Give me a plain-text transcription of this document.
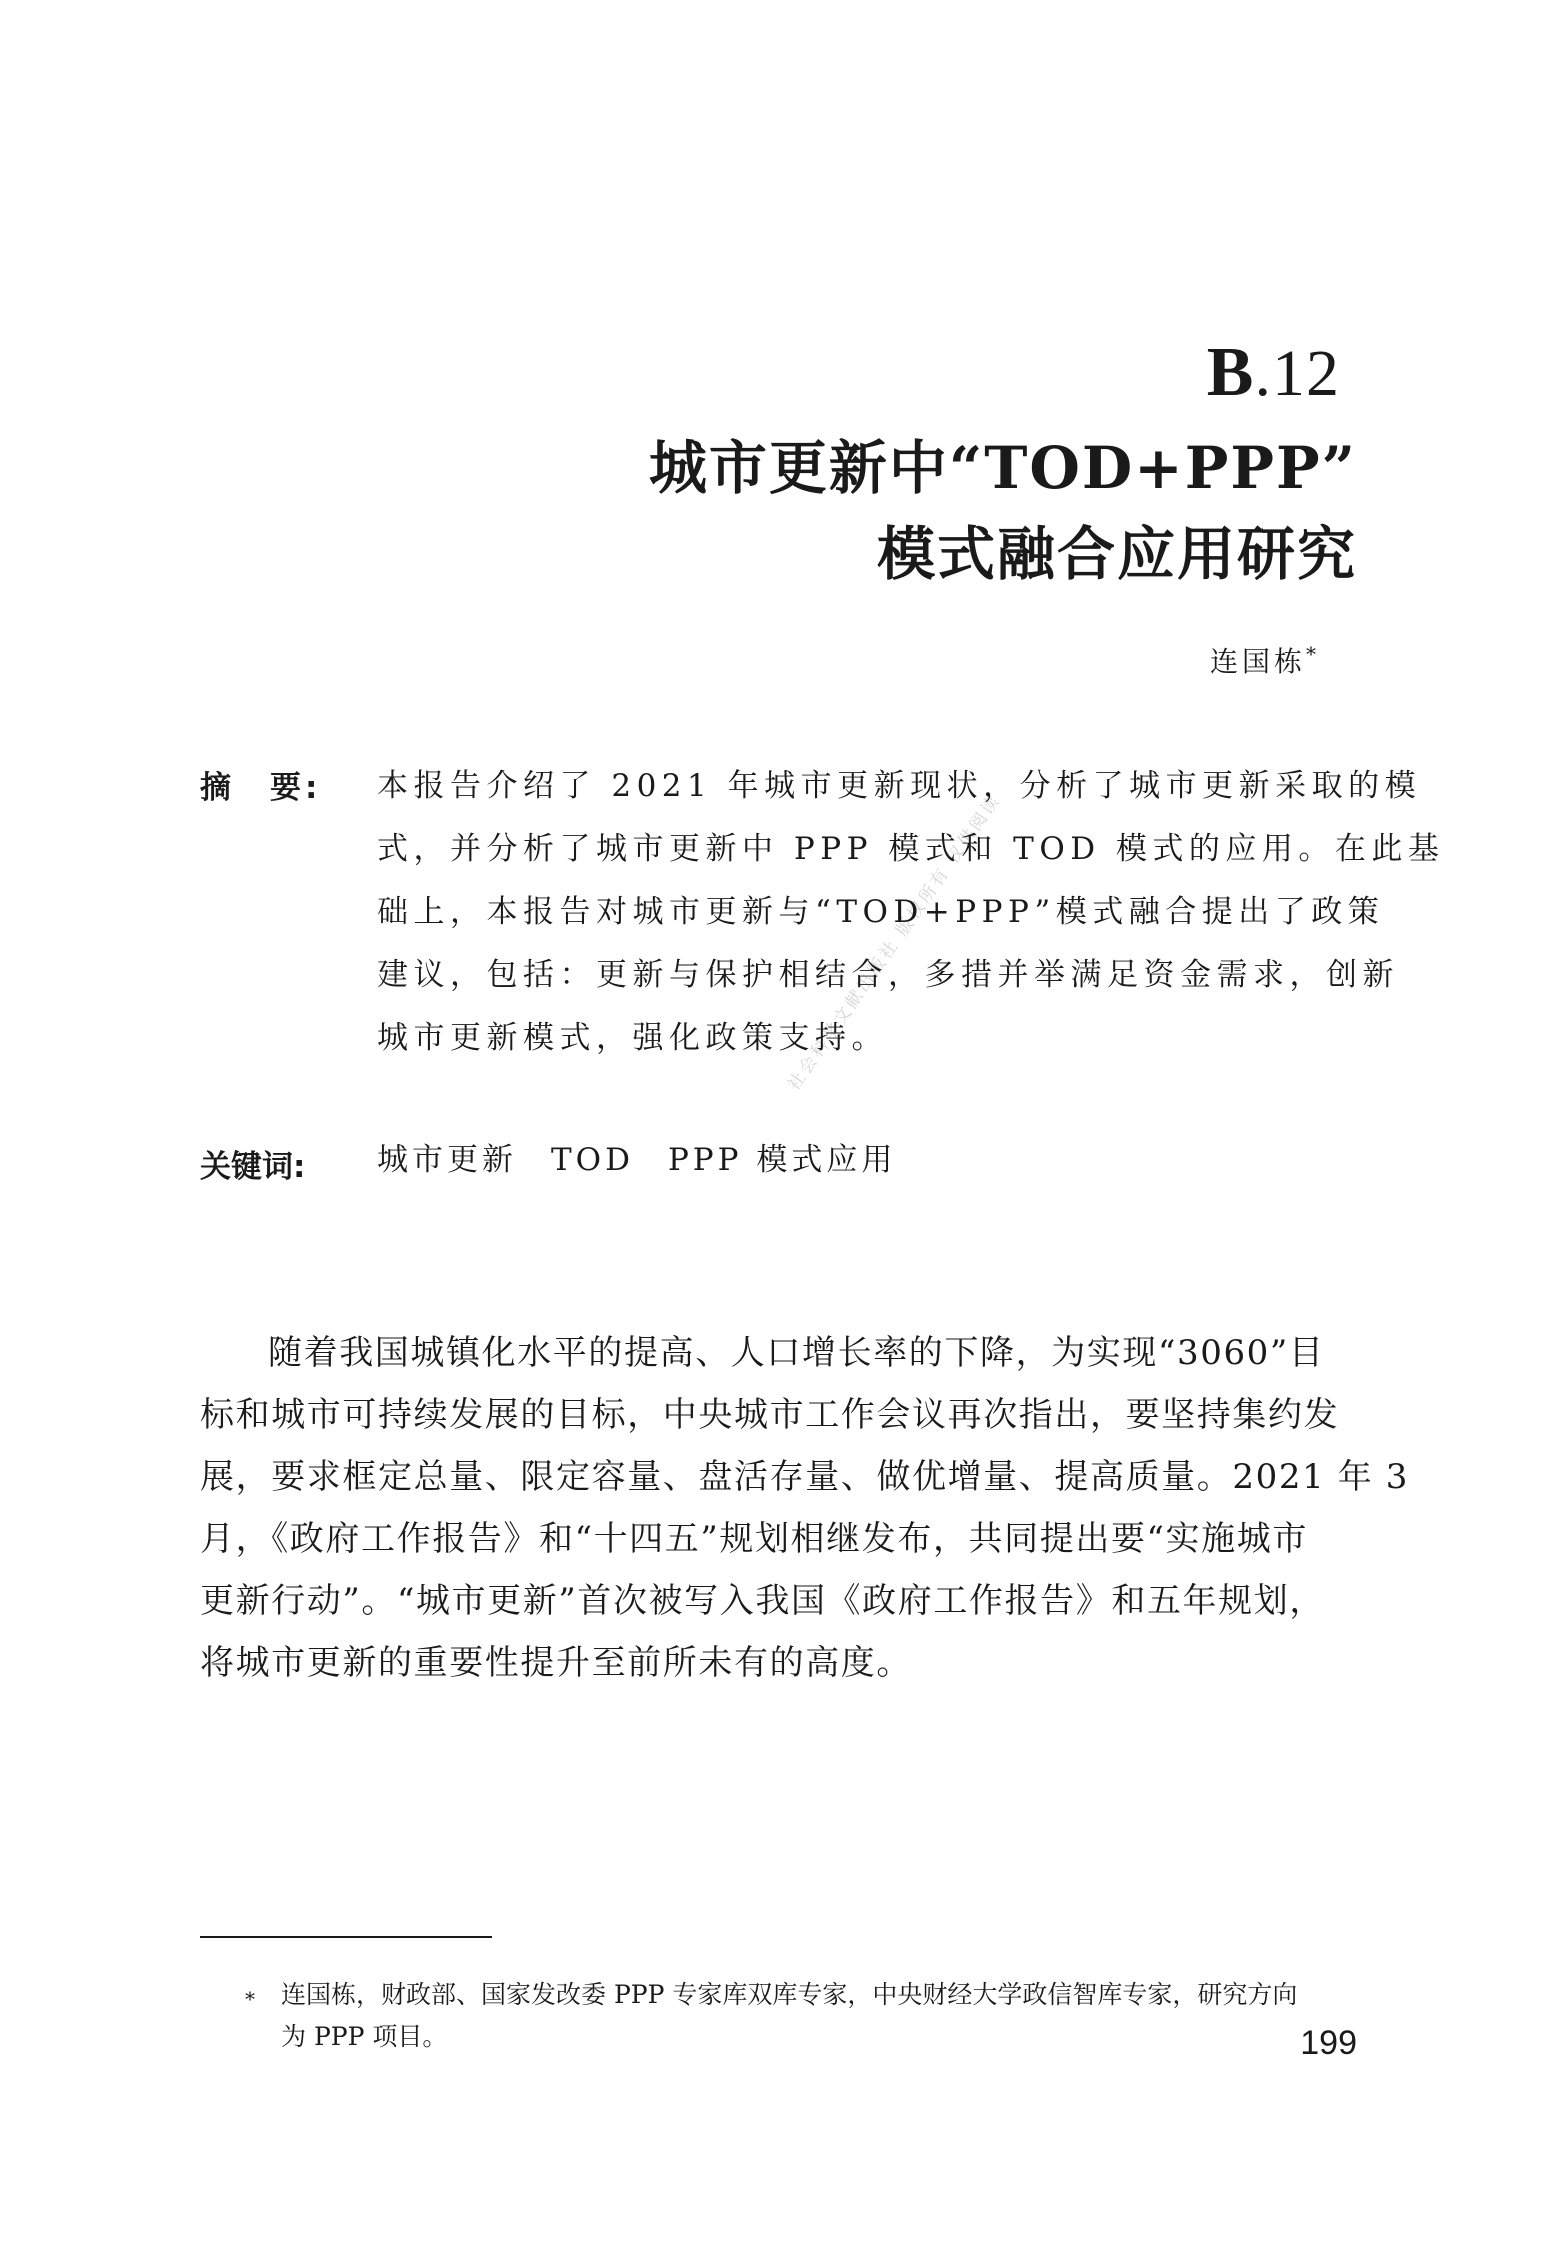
社会科学文献出版社 版权所有 仅供阅读
B.12
城市更新中“TOD+PPP”
模式融合应用研究
连国栋*
摘　要: 本报告介绍了 2021 年城市更新现状，分析了城市更新采取的模
式，并分析了城市更新中 PPP 模式和 TOD 模式的应用。在此基
础上，本报告对城市更新与“TOD+PPP”模式融合提出了政策
建议，包括：更新与保护相结合，多措并举满足资金需求，创新
城市更新模式，强化政策支持。
关键词: 城市更新 TOD PPP 模式应用
随着我国城镇化水平的提高、人口增长率的下降，为实现“3060”目
标和城市可持续发展的目标，中央城市工作会议再次指出，要坚持集约发
展，要求框定总量、限定容量、盘活存量、做优增量、提高质量。2021 年 3
月，《政府工作报告》和“十四五”规划相继发布，共同提出要“实施城市
更新行动”。“城市更新”首次被写入我国《政府工作报告》和五年规划，
将城市更新的重要性提升至前所未有的高度。
* 连国栋，财政部、国家发改委 PPP 专家库双库专家，中央财经大学政信智库专家，研究方向
为 PPP 项目。	199
